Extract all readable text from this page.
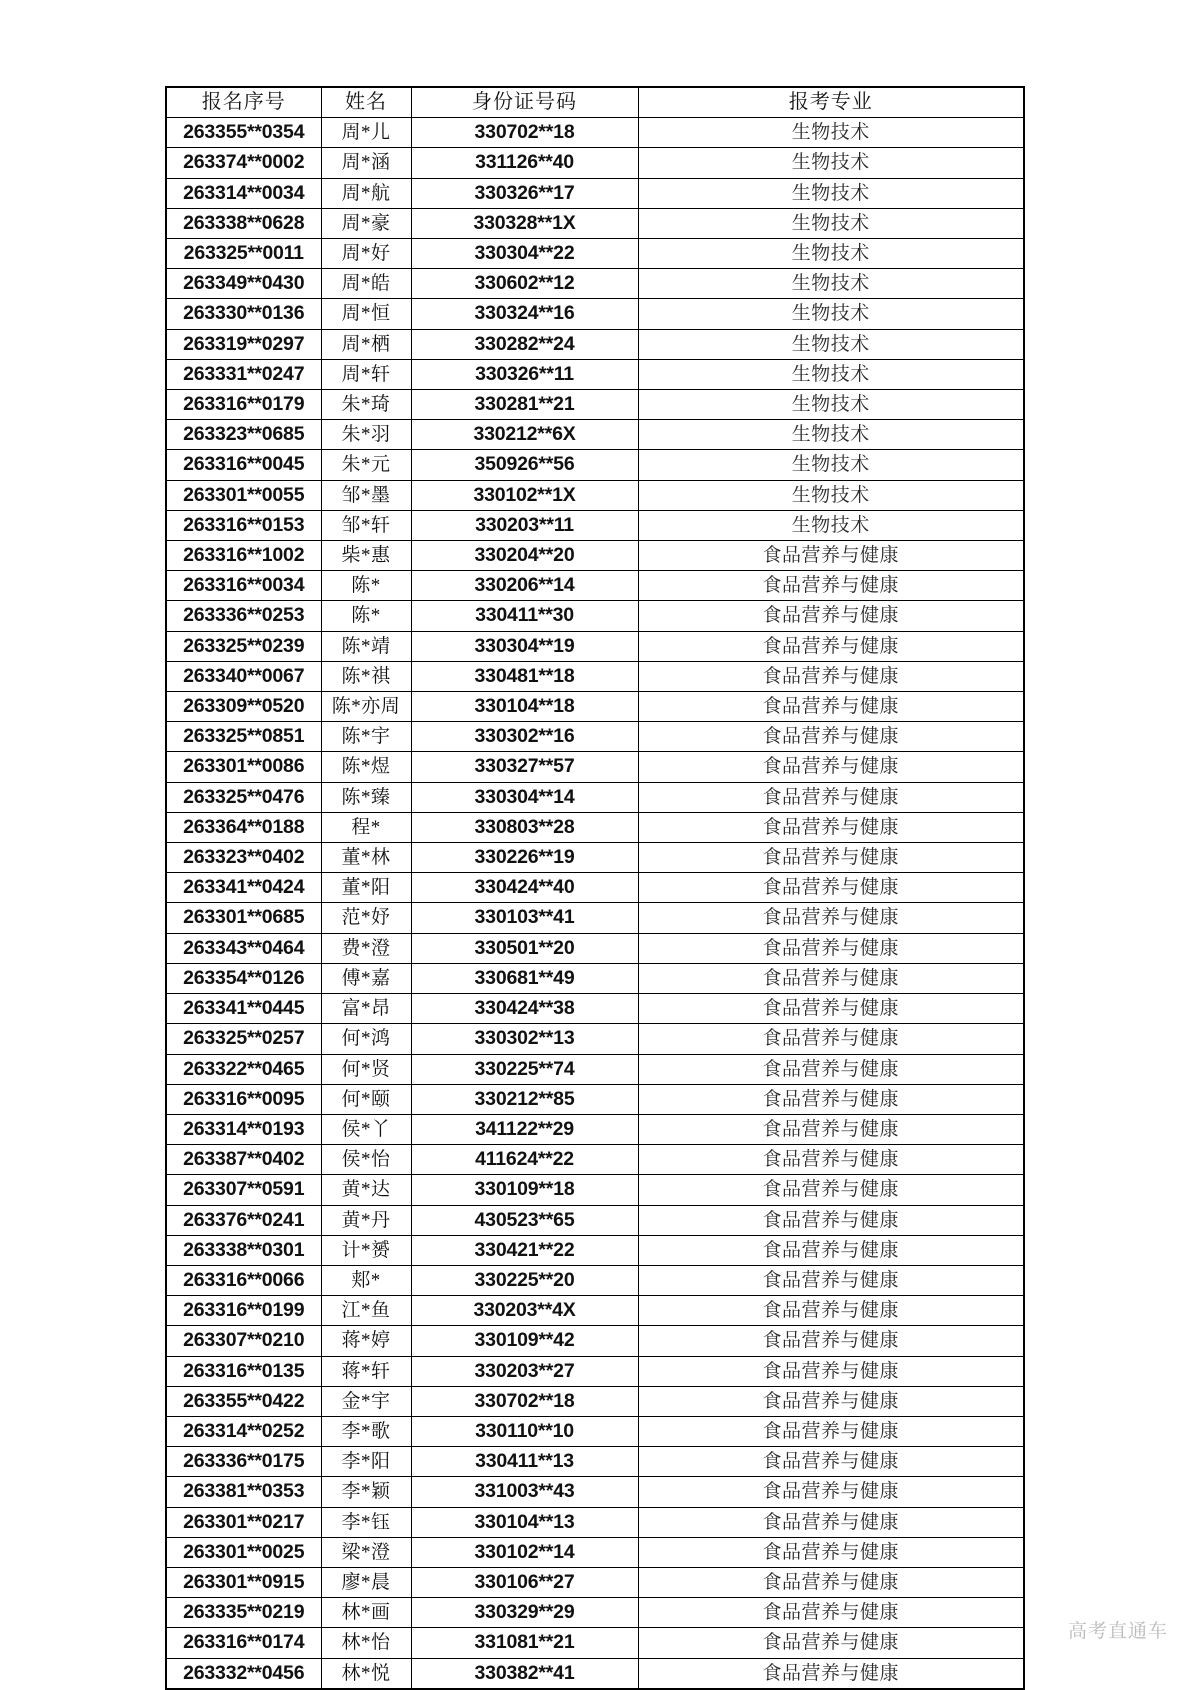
报名序号	姓名	身份证号码	报考专业
263355**0354	周*儿	330702**18	生物技术
263374**0002	周*涵	331126**40	生物技术
263314**0034	周*航	330326**17	生物技术
263338**0628	周*豪	330328**1X	生物技术
263325**0011	周*好	330304**22	生物技术
263349**0430	周*皓	330602**12	生物技术
263330**0136	周*恒	330324**16	生物技术
263319**0297	周*栖	330282**24	生物技术
263331**0247	周*轩	330326**11	生物技术
263316**0179	朱*琦	330281**21	生物技术
263323**0685	朱*羽	330212**6X	生物技术
263316**0045	朱*元	350926**56	生物技术
263301**0055	邹*墨	330102**1X	生物技术
263316**0153	邹*轩	330203**11	生物技术
263316**1002	柴*惠	330204**20	食品营养与健康
263316**0034	陈*	330206**14	食品营养与健康
263336**0253	陈*	330411**30	食品营养与健康
263325**0239	陈*靖	330304**19	食品营养与健康
263340**0067	陈*祺	330481**18	食品营养与健康
263309**0520	陈*亦周	330104**18	食品营养与健康
263325**0851	陈*宇	330302**16	食品营养与健康
263301**0086	陈*煜	330327**57	食品营养与健康
263325**0476	陈*臻	330304**14	食品营养与健康
263364**0188	程*	330803**28	食品营养与健康
263323**0402	董*林	330226**19	食品营养与健康
263341**0424	董*阳	330424**40	食品营养与健康
263301**0685	范*妤	330103**41	食品营养与健康
263343**0464	费*澄	330501**20	食品营养与健康
263354**0126	傅*嘉	330681**49	食品营养与健康
263341**0445	富*昂	330424**38	食品营养与健康
263325**0257	何*鸿	330302**13	食品营养与健康
263322**0465	何*贤	330225**74	食品营养与健康
263316**0095	何*颐	330212**85	食品营养与健康
263314**0193	侯*丫	341122**29	食品营养与健康
263387**0402	侯*怡	411624**22	食品营养与健康
263307**0591	黄*达	330109**18	食品营养与健康
263376**0241	黄*丹	430523**65	食品营养与健康
263338**0301	计*赟	330421**22	食品营养与健康
263316**0066	郏*	330225**20	食品营养与健康
263316**0199	江*鱼	330203**4X	食品营养与健康
263307**0210	蒋*婷	330109**42	食品营养与健康
263316**0135	蒋*轩	330203**27	食品营养与健康
263355**0422	金*宇	330702**18	食品营养与健康
263314**0252	李*歌	330110**10	食品营养与健康
263336**0175	李*阳	330411**13	食品营养与健康
263381**0353	李*颖	331003**43	食品营养与健康
263301**0217	李*钰	330104**13	食品营养与健康
263301**0025	梁*澄	330102**14	食品营养与健康
263301**0915	廖*晨	330106**27	食品营养与健康
263335**0219	林*画	330329**29	食品营养与健康
263316**0174	林*怡	331081**21	食品营养与健康
263332**0456	林*悦	330382**41	食品营养与健康
高考直通车
